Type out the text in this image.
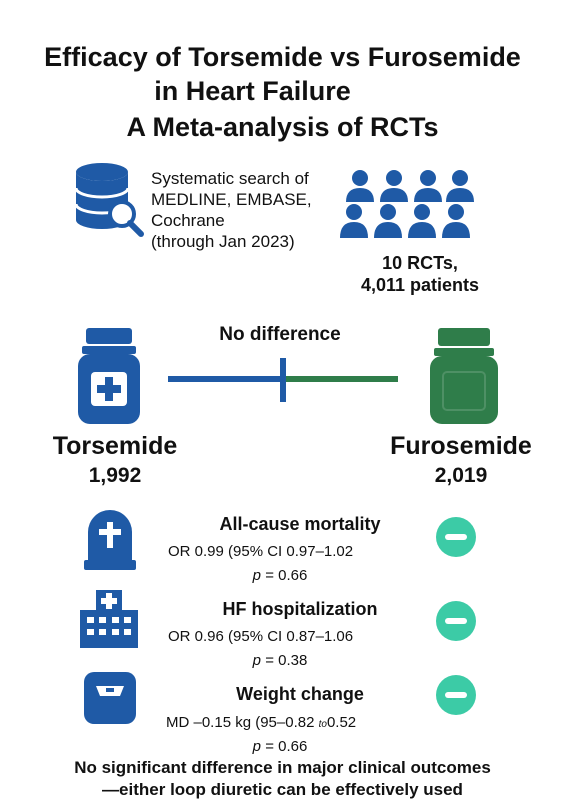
Efficacy of Torsemide vs Furosemide
in Heart Failure
A Meta-analysis of RCTs
Systematic search of
MEDLINE, EMBASE,
Cochrane
(through Jan 2023)
10 RCTs,
4,011 patients
No difference
Torsemide
1,992
Furosemide
2,019
All-cause mortality
OR 0.99 (95% CI 0.97–1.02
p = 0.66
HF hospitalization
OR 0.96 (95% CI 0.87–1.06
p = 0.38
Weight change
MD –0.15 kg (95–0.82 to0.52
p = 0.66
No significant difference in major clinical outcomes
—either loop diuretic can be effectively used
